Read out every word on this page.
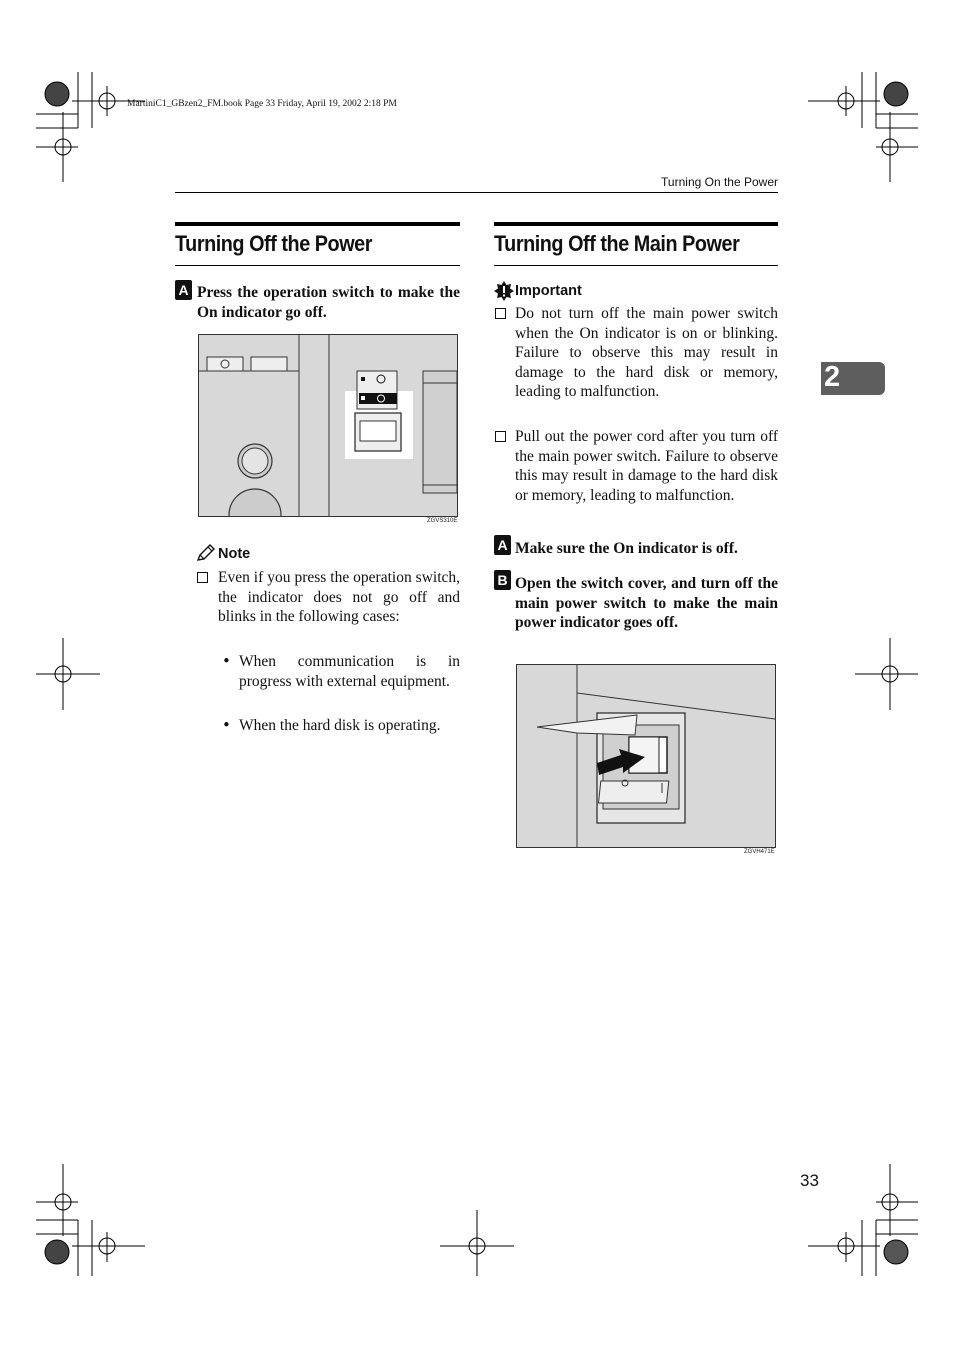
MartiniC1_GBzen2_FM.book Page 33 Friday, April 19, 2002 2:18 PM
Turning On the Power
2
Turning Off the Power
A Press the operation switch to make the On indicator go off.
ZGVS310E
Note
Even if you press the operation switch, the indicator does not go off and blinks in the following cases:
• When communication is in progress with external equipment.
• When the hard disk is operating.
Turning Off the Main Power
Important
Do not turn off the main power switch when the On indicator is on or blinking. Failure to observe this may result in damage to the hard disk or memory, leading to malfunction.
Pull out the power cord after you turn off the main power switch. Failure to observe this may result in damage to the hard disk or memory, leading to malfunction.
A Make sure the On indicator is off.
B Open the switch cover, and turn off the main power switch to make the main power indicator goes off.
ZGVH471E
33
